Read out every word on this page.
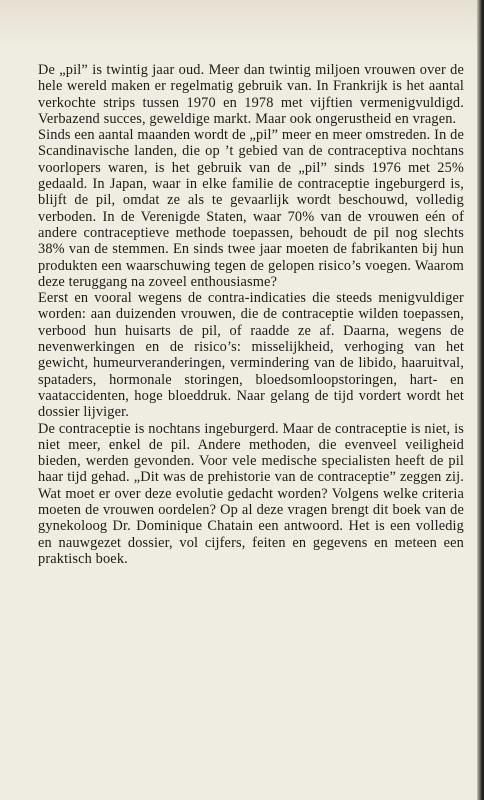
De „pil” is twintig jaar oud. Meer dan twintig miljoen vrouwen over de hele wereld maken er regelmatig gebruik van. In Frankrijk is het aantal verkochte strips tussen 1970 en 1978 met vijftien vermenigvuldigd. Verbazend succes, geweldige markt. Maar ook ongerustheid en vragen.

Sinds een aantal maanden wordt de „pil” meer en meer omstreden. In de Scandinavische landen, die op ’t gebied van de contraceptiva nochtans voorlopers waren, is het gebruik van de „pil” sinds 1976 met 25% gedaald. In Japan, waar in elke familie de contraceptie ingeburgerd is, blijft de pil, omdat ze als te gevaarlijk wordt beschouwd, volledig verboden. In de Verenigde Staten, waar 70% van de vrouwen eén of andere contraceptieve methode toepassen, behoudt de pil nog slechts 38% van de stemmen. En sinds twee jaar moeten de fabrikanten bij hun produkten een waarschuwing tegen de gelopen risico’s voegen. Waarom deze teruggang na zoveel enthousiasme?

Eerst en vooral wegens de contra-indicaties die steeds menigvuldiger worden: aan duizenden vrouwen, die de contraceptie wilden toepassen, verbood hun huisarts de pil, of raadde ze af. Daarna, wegens de nevenwerkingen en de risico’s: misselijkheid, verhoging van het gewicht, humeurveranderingen, vermindering van de libido, haaruitval, spataders, hormonale storingen, bloedsomloopstoringen, hart- en vaataccidenten, hoge bloeddruk. Naar gelang de tijd vordert wordt het dossier lijviger.

De contraceptie is nochtans ingeburgerd. Maar de contraceptie is niet, is niet meer, enkel de pil. Andere methoden, die evenveel veiligheid bieden, werden gevonden. Voor vele medische specialisten heeft de pil haar tijd gehad. „Dit was de prehistorie van de contraceptie” zeggen zij. Wat moet er over deze evolutie gedacht worden? Volgens welke criteria moeten de vrouwen oordelen? Op al deze vragen brengt dit boek van de gynekoloog Dr. Dominique Chatain een antwoord. Het is een volledig en nauwgezet dossier, vol cijfers, feiten en gegevens en meteen een praktisch boek.
